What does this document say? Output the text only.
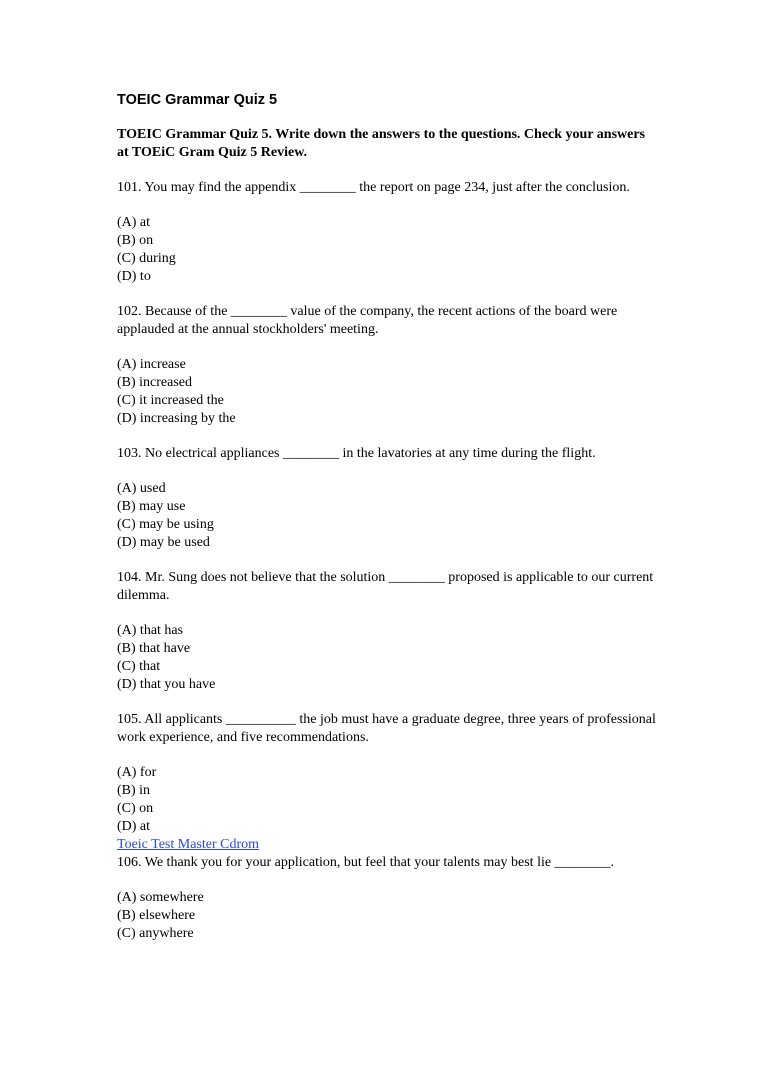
TOEIC Grammar Quiz 5
TOEIC Grammar Quiz 5. Write down the answers to the questions. Check your answers at TOEiC Gram Quiz 5 Review.
101. You may find the appendix ________ the report on page 234, just after the conclusion.
(A) at
(B) on
(C) during
(D) to
102. Because of the ________ value of the company, the recent actions of the board were applauded at the annual stockholders' meeting.
(A) increase
(B) increased
(C) it increased the
(D) increasing by the
103. No electrical appliances ________ in the lavatories at any time during the flight.
(A) used
(B) may use
(C) may be using
(D) may be used
104. Mr. Sung does not believe that the solution ________ proposed is applicable to our current dilemma.
(A) that has
(B) that have
(C) that
(D) that you have
105. All applicants __________ the job must have a graduate degree, three years of professional work experience, and five recommendations.
(A) for
(B) in
(C) on
(D) at
Toeic Test Master Cdrom
106. We thank you for your application, but feel that your talents may best lie ________.
(A) somewhere
(B) elsewhere
(C) anywhere
